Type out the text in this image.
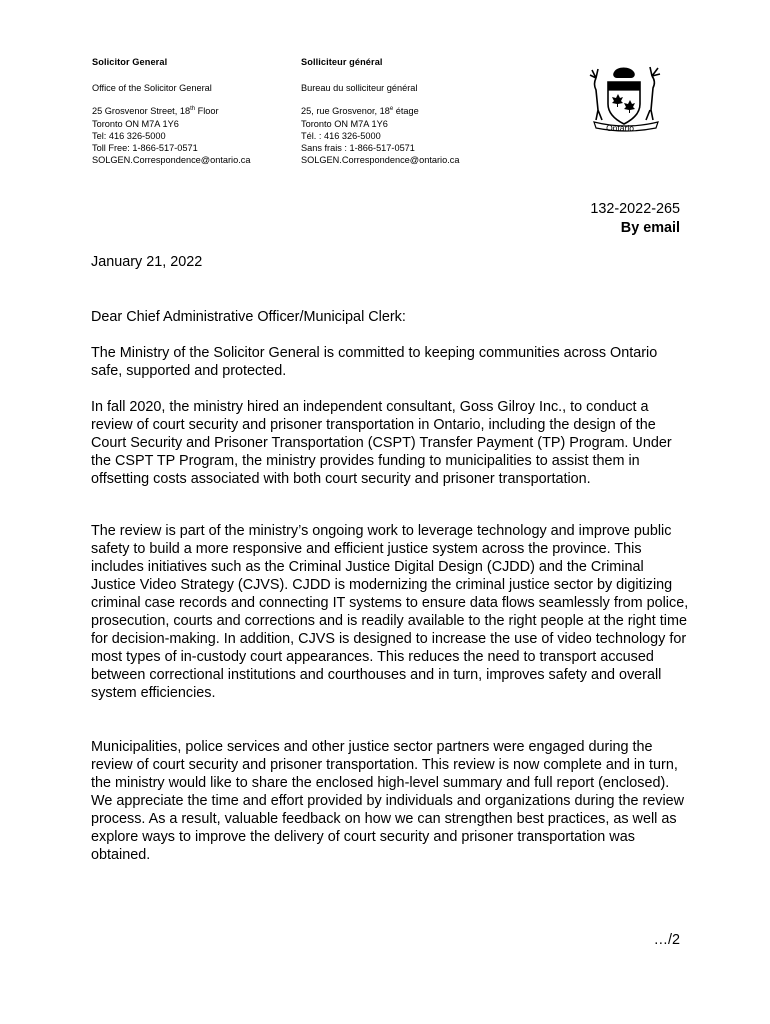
Solicitor General
Office of the Solicitor General
25 Grosvenor Street, 18th Floor
Toronto ON M7A 1Y6
Tel: 416 326-5000
Toll Free: 1-866-517-0571
SOLGEN.Correspondence@ontario.ca
Solliciteur général
Bureau du solliciteur général
25, rue Grosvenor, 18e étage
Toronto ON M7A 1Y6
Tél. : 416 326-5000
Sans frais : 1-866-517-0571
SOLGEN.Correspondence@ontario.ca
Ontario
132-2022-265
By email
January 21, 2022
Dear Chief Administrative Officer/Municipal Clerk:

The Ministry of the Solicitor General is committed to keeping communities across Ontario safe, supported and protected.

In fall 2020, the ministry hired an independent consultant, Goss Gilroy Inc., to conduct a review of court security and prisoner transportation in Ontario, including the design of the Court Security and Prisoner Transportation (CSPT) Transfer Payment (TP) Program. Under the CSPT TP Program, the ministry provides funding to municipalities to assist them in offsetting costs associated with both court security and prisoner transportation.

The review is part of the ministry’s ongoing work to leverage technology and improve public safety to build a more responsive and efficient justice system across the province. This includes initiatives such as the Criminal Justice Digital Design (CJDD) and the Criminal Justice Video Strategy (CJVS). CJDD is modernizing the criminal justice sector by digitizing criminal case records and connecting IT systems to ensure data flows seamlessly from police, prosecution, courts and corrections and is readily available to the right people at the right time for decision-making. In addition, CJVS is designed to increase the use of video technology for most types of in-custody court appearances. This reduces the need to transport accused between correctional institutions and courthouses and in turn, improves safety and overall system efficiencies.

Municipalities, police services and other justice sector partners were engaged during the review of court security and prisoner transportation. This review is now complete and in turn, the ministry would like to share the enclosed high-level summary and full report (enclosed). We appreciate the time and effort provided by individuals and organizations during the review process. As a result, valuable feedback on how we can strengthen best practices, as well as explore ways to improve the delivery of court security and prisoner transportation was obtained.

…/2
